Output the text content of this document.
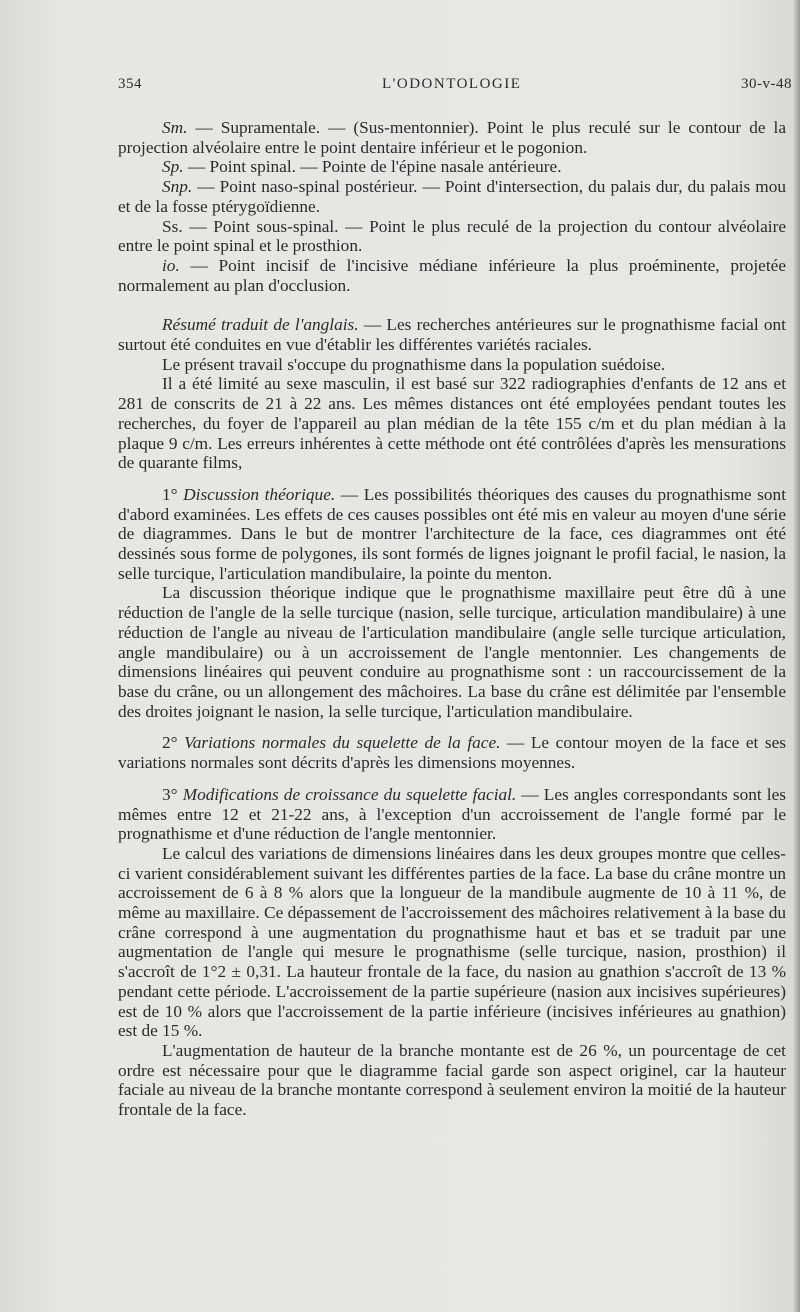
354	L'ODONTOLOGIE	30-v-48

Sm. — Supramentale. — (Sus-mentonnier). Point le plus reculé sur le contour de la projection alvéolaire entre le point dentaire inférieur et le pogonion.

Sp. — Point spinal. — Pointe de l'épine nasale antérieure.

Snp. — Point naso-spinal postérieur. — Point d'intersection, du palais dur, du palais mou et de la fosse ptérygoïdienne.

Ss. — Point sous-spinal. — Point le plus reculé de la projection du contour alvéolaire entre le point spinal et le prosthion.

io. — Point incisif de l'incisive médiane inférieure la plus proéminente, projetée normalement au plan d'occlusion.

Résumé traduit de l'anglais. — Les recherches antérieures sur le prognathisme facial ont surtout été conduites en vue d'établir les différentes variétés raciales.

Le présent travail s'occupe du prognathisme dans la population suédoise.

Il a été limité au sexe masculin, il est basé sur 322 radiographies d'enfants de 12 ans et 281 de conscrits de 21 à 22 ans. Les mêmes distances ont été employées pendant toutes les recherches, du foyer de l'appareil au plan médian de la tête 155 c/m et du plan médian à la plaque 9 c/m. Les erreurs inhérentes à cette méthode ont été contrôlées d'après les mensurations de quarante films,

1° Discussion théorique. — Les possibilités théoriques des causes du prognathisme sont d'abord examinées. Les effets de ces causes possibles ont été mis en valeur au moyen d'une série de diagrammes. Dans le but de montrer l'architecture de la face, ces diagrammes ont été dessinés sous forme de polygones, ils sont formés de lignes joignant le profil facial, le nasion, la selle turcique, l'articulation mandibulaire, la pointe du menton.

La discussion théorique indique que le prognathisme maxillaire peut être dû à une réduction de l'angle de la selle turcique (nasion, selle turcique, articulation mandibulaire) à une réduction de l'angle au niveau de l'articulation mandibulaire (angle selle turcique articulation, angle mandibulaire) ou à un accroissement de l'angle mentonnier. Les changements de dimensions linéaires qui peuvent conduire au prognathisme sont : un raccourcissement de la base du crâne, ou un allongement des mâchoires. La base du crâne est délimitée par l'ensemble des droites joignant le nasion, la selle turcique, l'articulation mandibulaire.

2° Variations normales du squelette de la face. — Le contour moyen de la face et ses variations normales sont décrits d'après les dimensions moyennes.

3° Modifications de croissance du squelette facial. — Les angles correspondants sont les mêmes entre 12 et 21-22 ans, à l'exception d'un accroissement de l'angle formé par le prognathisme et d'une réduction de l'angle mentonnier.

Le calcul des variations de dimensions linéaires dans les deux groupes montre que celles-ci varient considérablement suivant les différentes parties de la face. La base du crâne montre un accroissement de 6 à 8 % alors que la longueur de la mandibule augmente de 10 à 11 %, de même au maxillaire. Ce dépassement de l'accroissement des mâchoires relativement à la base du crâne correspond à une augmentation du prognathisme haut et bas et se traduit par une augmentation de l'angle qui mesure le prognathisme (selle turcique, nasion, prosthion) il s'accroît de 1°2 ± 0,31. La hauteur frontale de la face, du nasion au gnathion s'accroît de 13 % pendant cette période. L'accroissement de la partie supérieure (nasion aux incisives supérieures) est de 10 % alors que l'accroissement de la partie inférieure (incisives inférieures au gnathion) est de 15 %.

L'augmentation de hauteur de la branche montante est de 26 %, un pourcentage de cet ordre est nécessaire pour que le diagramme facial garde son aspect originel, car la hauteur faciale au niveau de la branche montante correspond à seulement environ la moitié de la hauteur frontale de la face.
